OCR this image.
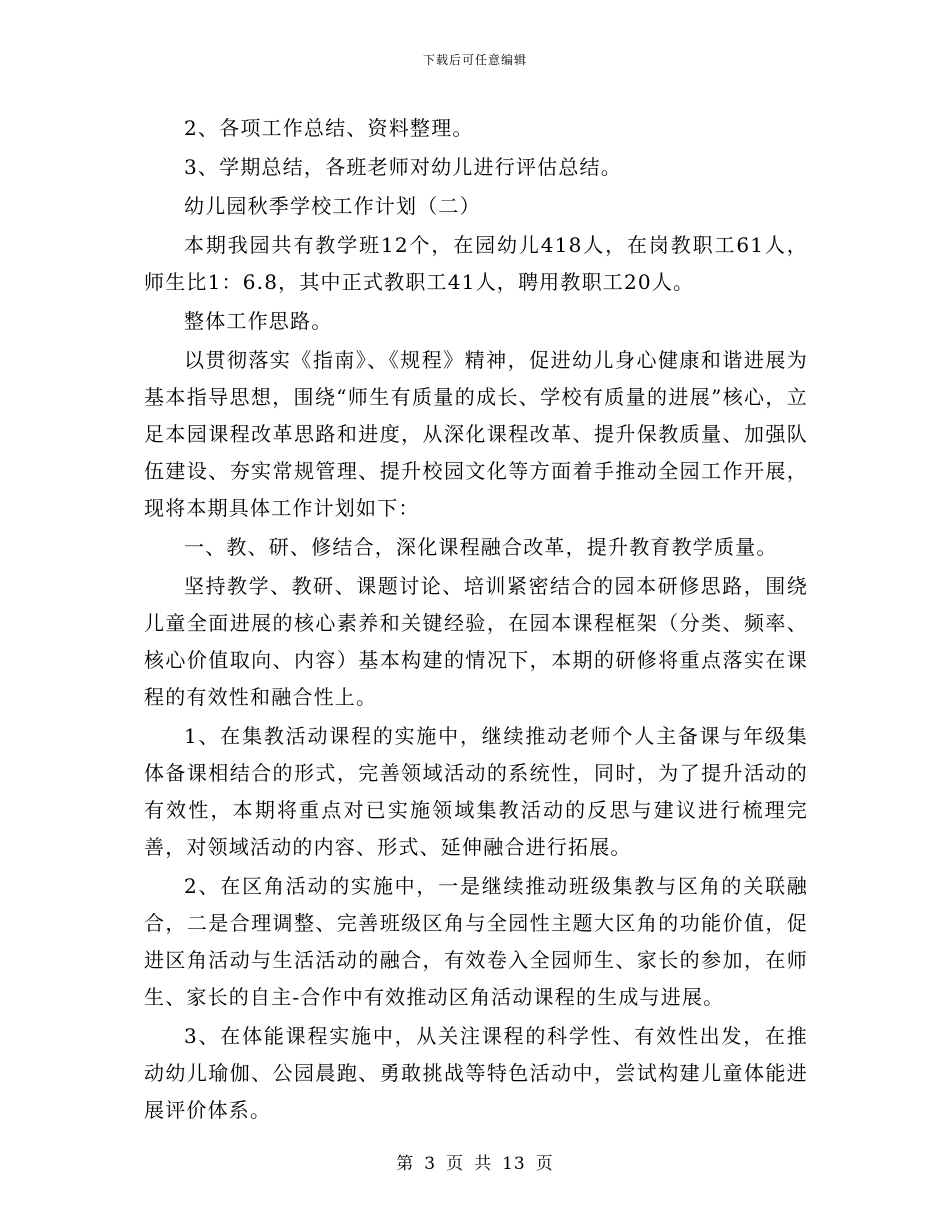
下载后可任意编辑

2、各项工作总结、资料整理。

3、学期总结，各班老师对幼儿进行评估总结。

幼儿园秋季学校工作计划（二）

本期我园共有教学班12个，在园幼儿418人，在岗教职工61人，师生比1：6.8，其中正式教职工41人，聘用教职工20人。

整体工作思路。

以贯彻落实《指南》、《规程》精神，促进幼儿身心健康和谐进展为基本指导思想，围绕“师生有质量的成长、学校有质量的进展”核心，立足本园课程改革思路和进度，从深化课程改革、提升保教质量、加强队伍建设、夯实常规管理、提升校园文化等方面着手推动全园工作开展，现将本期具体工作计划如下：

一、教、研、修结合，深化课程融合改革，提升教育教学质量。

坚持教学、教研、课题讨论、培训紧密结合的园本研修思路，围绕儿童全面进展的核心素养和关键经验，在园本课程框架（分类、频率、核心价值取向、内容）基本构建的情况下，本期的研修将重点落实在课程的有效性和融合性上。

1、在集教活动课程的实施中，继续推动老师个人主备课与年级集体备课相结合的形式，完善领域活动的系统性，同时，为了提升活动的有效性，本期将重点对已实施领域集教活动的反思与建议进行梳理完善，对领域活动的内容、形式、延伸融合进行拓展。

2、在区角活动的实施中，一是继续推动班级集教与区角的关联融合，二是合理调整、完善班级区角与全园性主题大区角的功能价值，促进区角活动与生活活动的融合，有效卷入全园师生、家长的参加，在师生、家长的自主-合作中有效推动区角活动课程的生成与进展。

3、在体能课程实施中，从关注课程的科学性、有效性出发，在推动幼儿瑜伽、公园晨跑、勇敢挑战等特色活动中，尝试构建儿童体能进展评价体系。

第 3 页 共 13 页
